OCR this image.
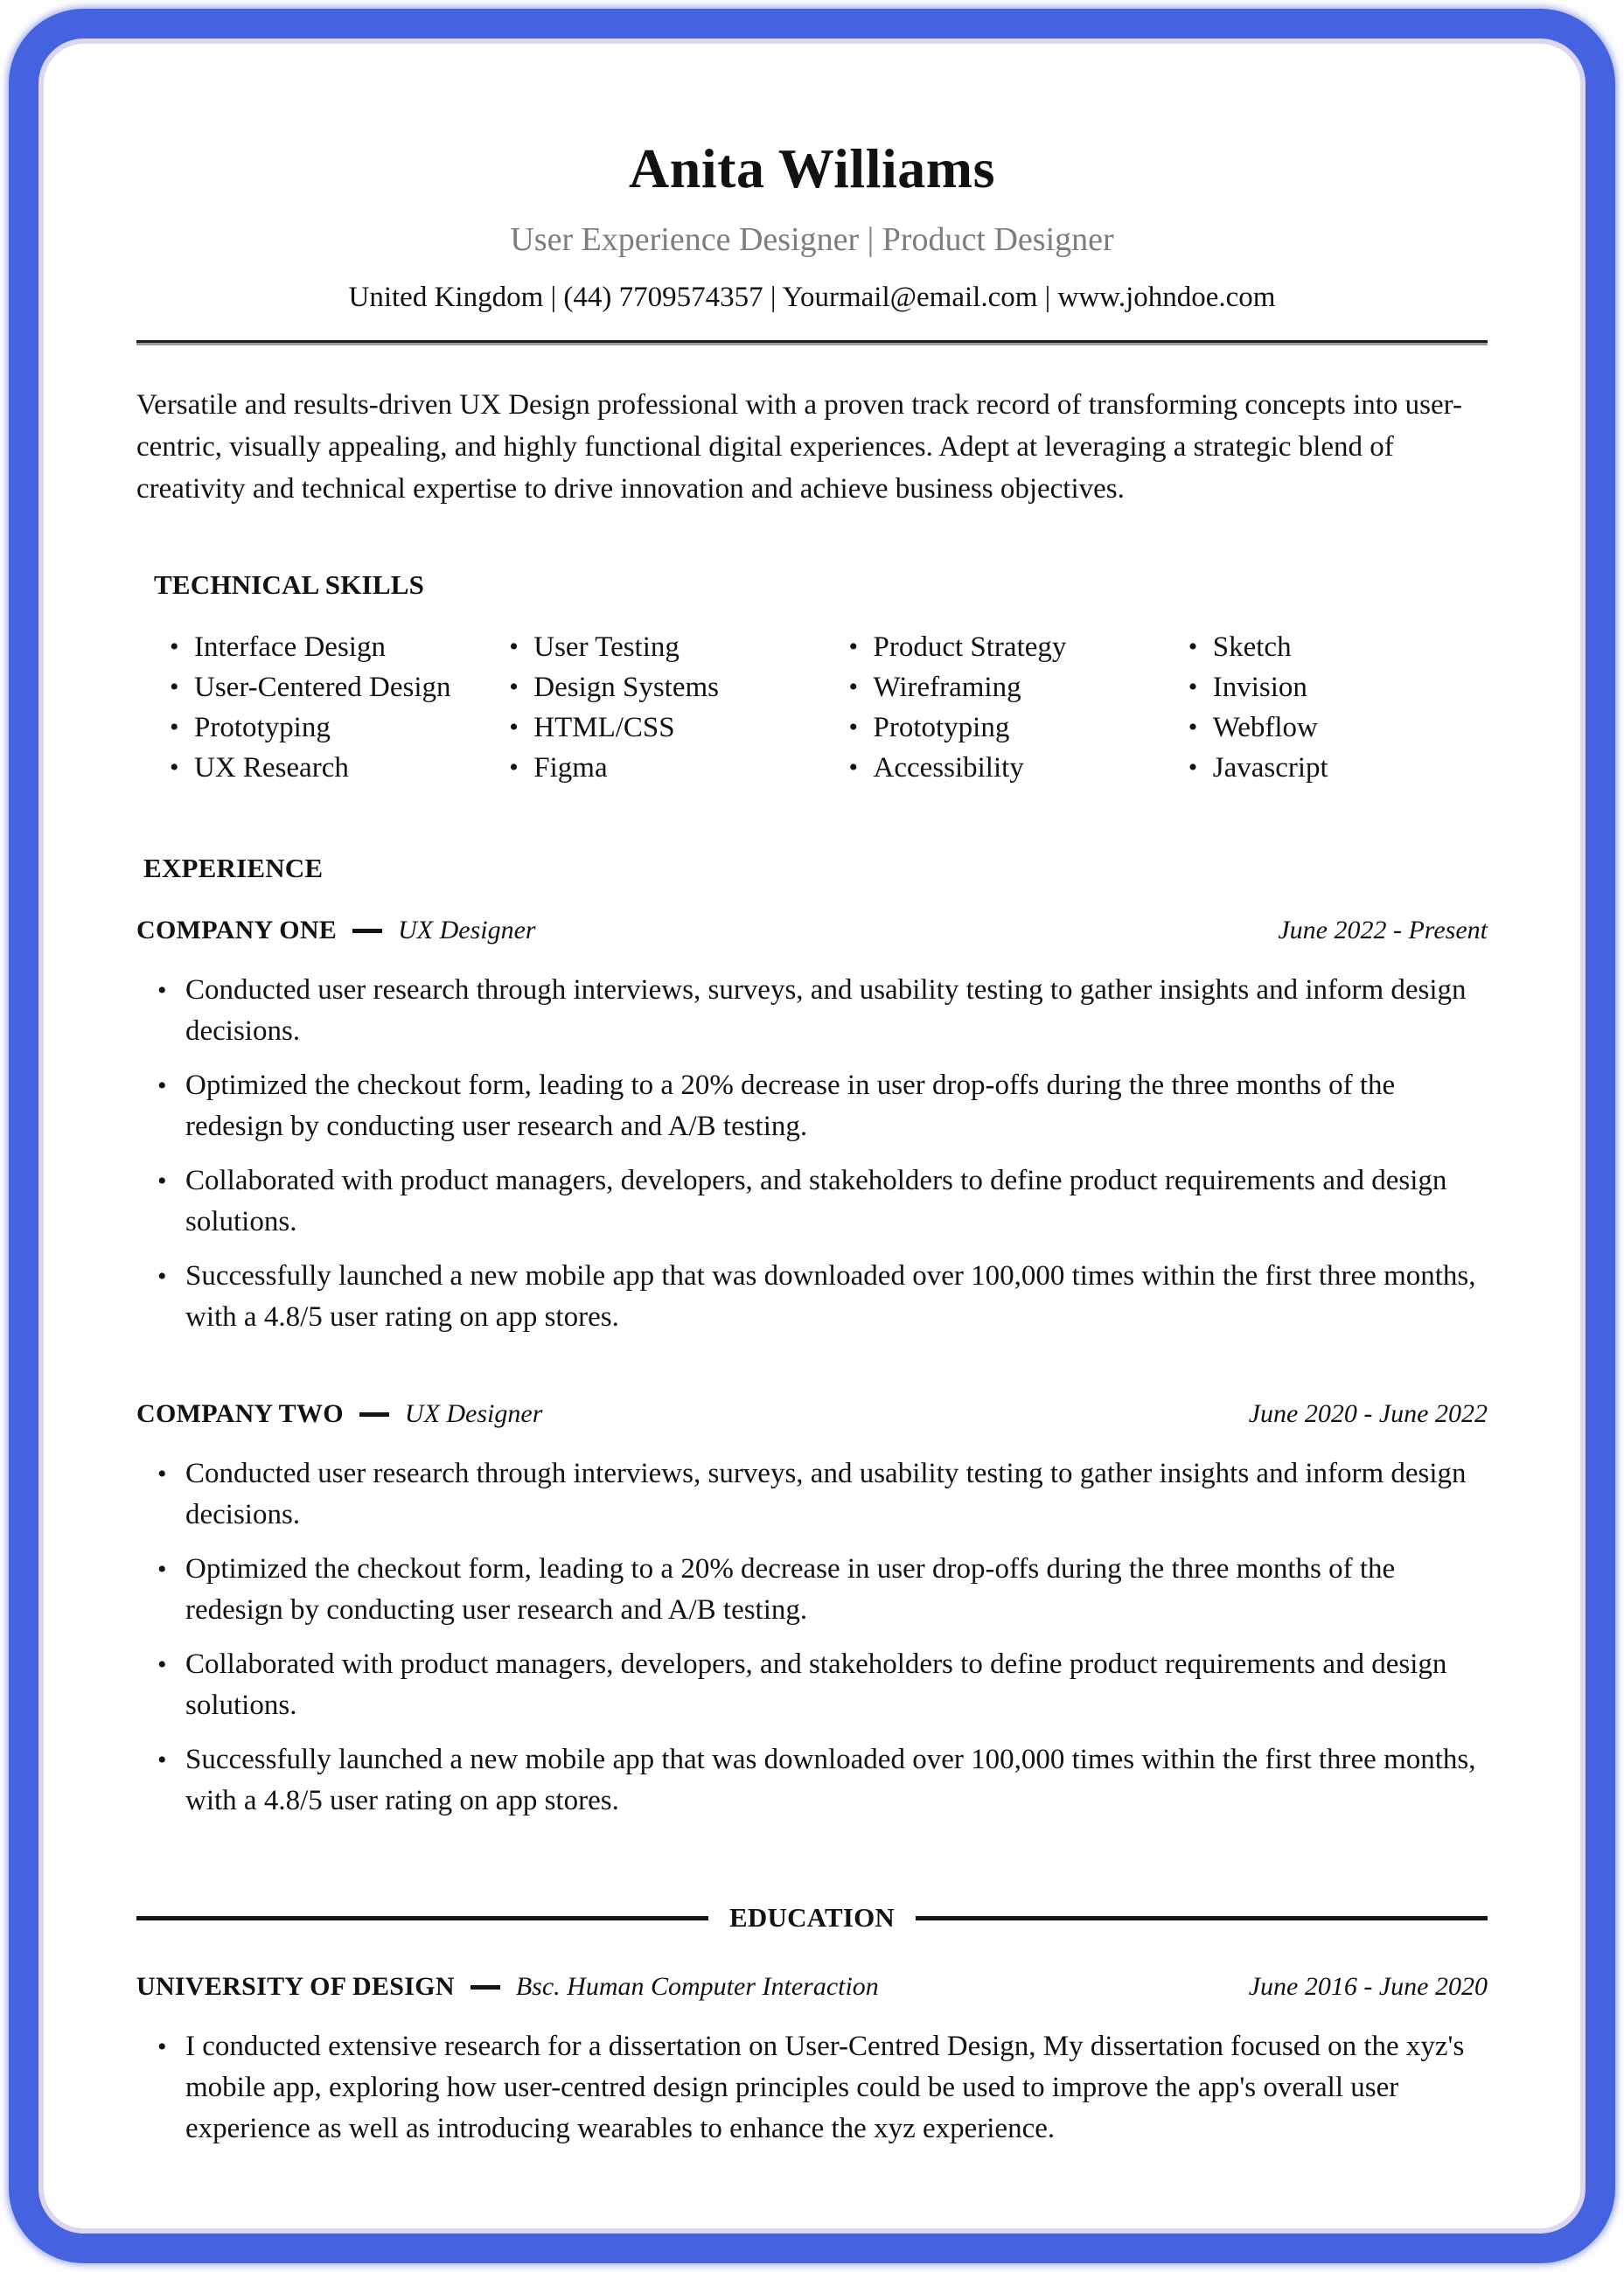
Anita Williams
User Experience Designer | Product Designer
United Kingdom | (44) 7709574357 | Yourmail@email.com | www.johndoe.com

Versatile and results-driven UX Design professional with a proven track record of transforming concepts into user-centric, visually appealing, and highly functional digital experiences. Adept at leveraging a strategic blend of creativity and technical expertise to drive innovation and achieve business objectives.

TECHNICAL SKILLS
• Interface Design
• User-Centered Design
• Prototyping
• UX Research
• User Testing
• Design Systems
• HTML/CSS
• Figma
• Product Strategy
• Wireframing
• Prototyping
• Accessibility
• Sketch
• Invision
• Webflow
• Javascript
EXPERIENCE
COMPANY ONE UX Designer	June 2022 - Present
• Conducted user research through interviews, surveys, and usability testing to gather insights and inform design decisions.
• Optimized the checkout form, leading to a 20% decrease in user drop-offs during the three months of the redesign by conducting user research and A/B testing.
• Collaborated with product managers, developers, and stakeholders to define product requirements and design solutions.
• Successfully launched a new mobile app that was downloaded over 100,000 times within the first three months, with a 4.8/5 user rating on app stores.
COMPANY TWO UX Designer	June 2020 - June 2022
• Conducted user research through interviews, surveys, and usability testing to gather insights and inform design decisions.
• Optimized the checkout form, leading to a 20% decrease in user drop-offs during the three months of the redesign by conducting user research and A/B testing.
• Collaborated with product managers, developers, and stakeholders to define product requirements and design solutions.
• Successfully launched a new mobile app that was downloaded over 100,000 times within the first three months, with a 4.8/5 user rating on app stores.
EDUCATION
UNIVERSITY OF DESIGN Bsc. Human Computer Interaction	June 2016 - June 2020
• I conducted extensive research for a dissertation on User-Centred Design, My dissertation focused on the xyz's mobile app, exploring how user-centred design principles could be used to improve the app's overall user experience as well as introducing wearables to enhance the xyz experience.
